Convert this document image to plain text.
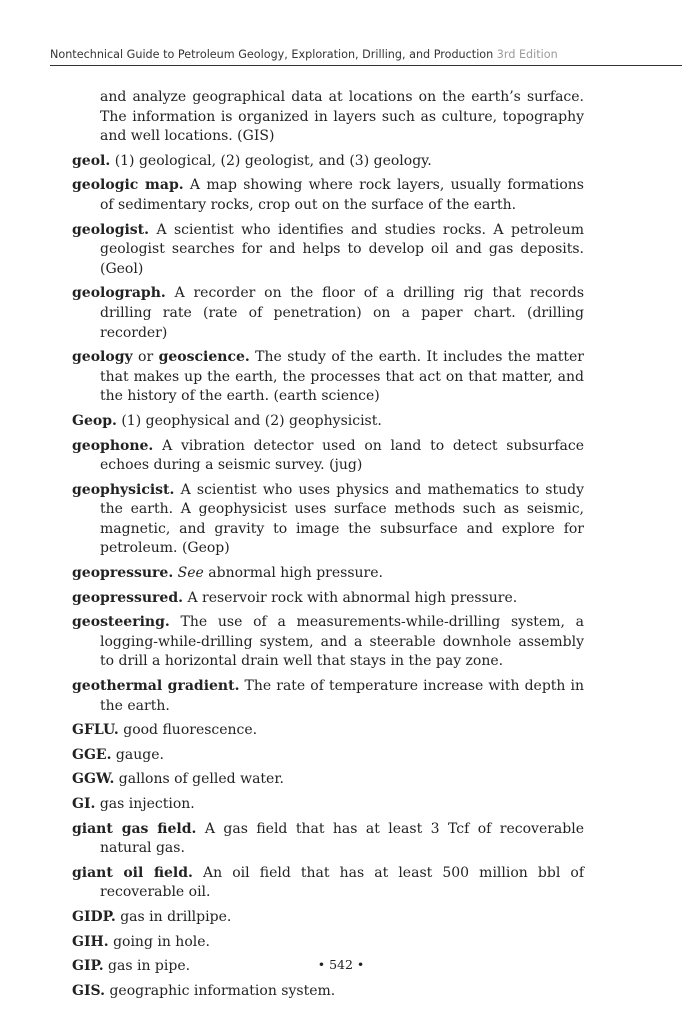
Nontechnical Guide to Petroleum Geology, Exploration, Drilling, and Production 3rd Edition

and analyze geographical data at locations on the earth’s surface. The information is organized in layers such as culture, topography and well locations. (GIS)

geol. (1) geological, (2) geologist, and (3) geology.

geologic map. A map showing where rock layers, usually formations of sedimentary rocks, crop out on the surface of the earth.

geologist. A scientist who identifies and studies rocks. A petroleum geologist searches for and helps to develop oil and gas deposits. (Geol)

geolograph. A recorder on the floor of a drilling rig that records drilling rate (rate of penetration) on a paper chart. (drilling recorder)

geology or geoscience. The study of the earth. It includes the matter that makes up the earth, the processes that act on that matter, and the history of the earth. (earth science)

Geop. (1) geophysical and (2) geophysicist.

geophone. A vibration detector used on land to detect subsurface echoes during a seismic survey. (jug)

geophysicist. A scientist who uses physics and mathematics to study the earth. A geophysicist uses surface methods such as seismic, magnetic, and gravity to image the subsurface and explore for petroleum. (Geop)

geopressure. See abnormal high pressure.

geopressured. A reservoir rock with abnormal high pressure.

geosteering. The use of a measurements-while-drilling system, a logging-while-drilling system, and a steerable downhole assembly to drill a horizontal drain well that stays in the pay zone.

geothermal gradient. The rate of temperature increase with depth in the earth.

GFLU. good fluorescence.

GGE. gauge.

GGW. gallons of gelled water.

GI. gas injection.

giant gas field. A gas field that has at least 3 Tcf of recoverable natural gas.

giant oil field. An oil field that has at least 500 million bbl of recoverable oil.

GIDP. gas in drillpipe.

GIH. going in hole.

GIP. gas in pipe.

GIS. geographic information system.

• 542 •
